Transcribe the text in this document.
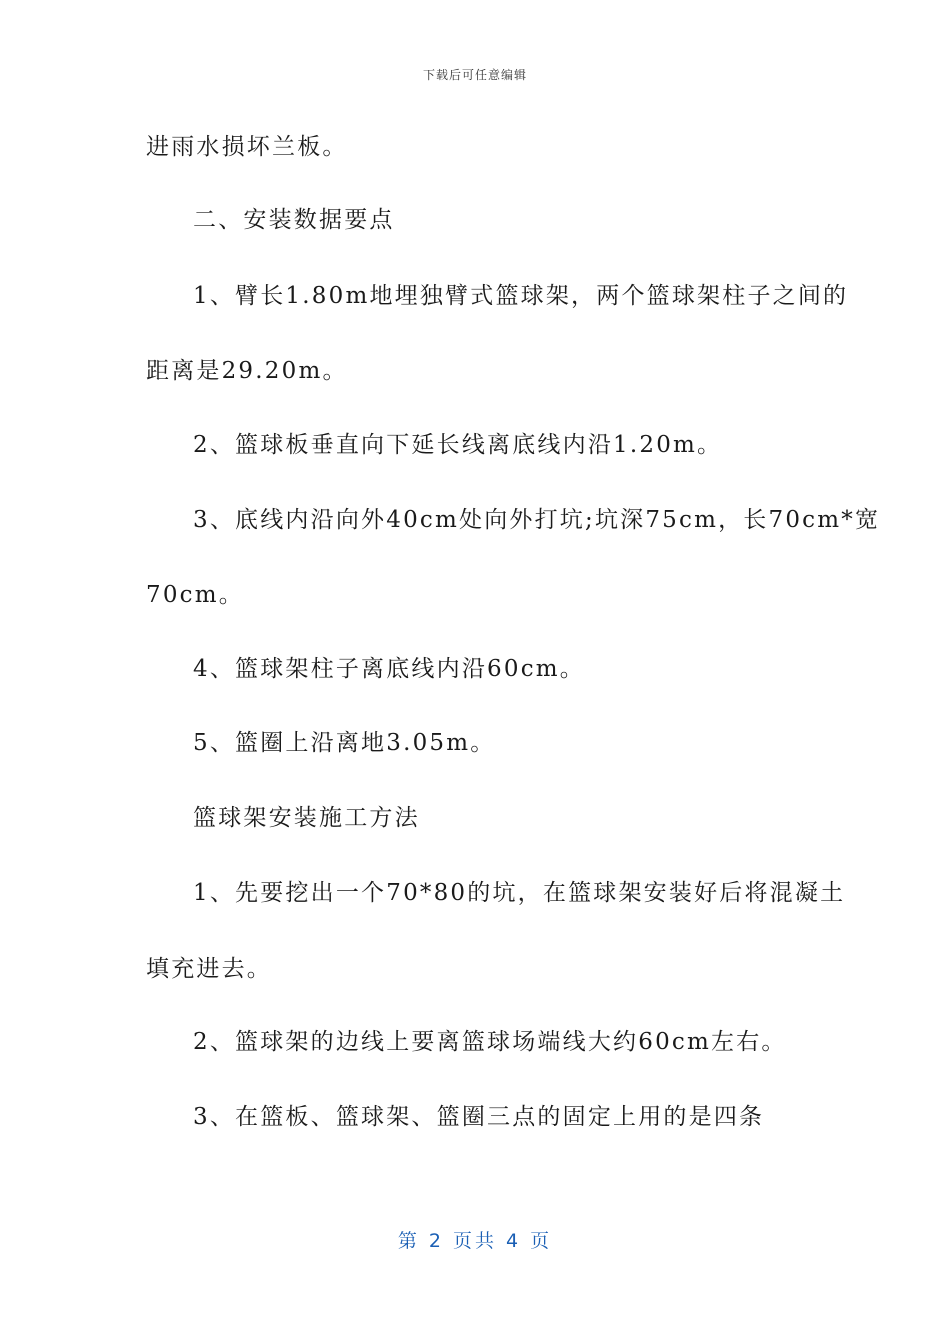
下载后可任意编辑
进雨水损坏兰板。
二、安装数据要点
1、臂长1.80m地埋独臂式篮球架，两个篮球架柱子之间的
距离是29.20m。
2、篮球板垂直向下延长线离底线内沿1.20m。
3、底线内沿向外40cm处向外打坑;坑深75cm，长70cm*宽
70cm。
4、篮球架柱子离底线内沿60cm。
5、篮圈上沿离地3.05m。
篮球架安装施工方法
1、先要挖出一个70*80的坑，在篮球架安装好后将混凝土
填充进去。
2、篮球架的边线上要离篮球场端线大约60cm左右。
3、在篮板、篮球架、篮圈三点的固定上用的是四条
第 2 页共 4 页
